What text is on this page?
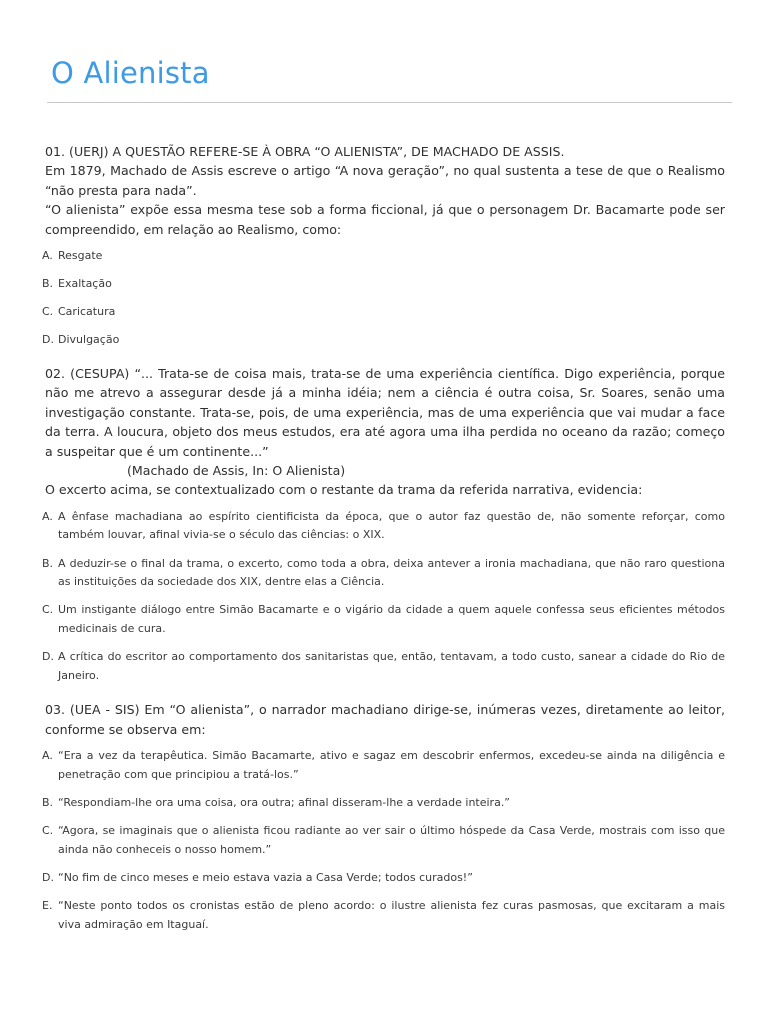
O Alienista

01. (UERJ) A QUESTÃO REFERE-SE À OBRA “O ALIENISTA”, DE MACHADO DE ASSIS.

Em 1879, Machado de Assis escreve o artigo “A nova geração”, no qual sustenta a tese de que o Realismo “não presta para nada”.

“O alienista” expõe essa mesma tese sob a forma ficcional, já que o personagem Dr. Bacamarte pode ser compreendido, em relação ao Realismo, como:

A. Resgate
B. Exaltação
C. Caricatura
D. Divulgação

02. (CESUPA) “... Trata-se de coisa mais, trata-se de uma experiência científica. Digo experiência, porque não me atrevo a assegurar desde já a minha idéia; nem a ciência é outra coisa, Sr. Soares, senão uma investigação constante. Trata-se, pois, de uma experiência, mas de uma experiência que vai mudar a face da terra. A loucura, objeto dos meus estudos, era até agora uma ilha perdida no oceano da razão; começo a suspeitar que é um continente...”

(Machado de Assis, In: O Alienista)

O excerto acima, se contextualizado com o restante da trama da referida narrativa, evidencia:

A. A ênfase machadiana ao espírito cientificista da época, que o autor faz questão de, não somente reforçar, como também louvar, afinal vivia-se o século das ciências: o XIX.
B. A deduzir-se o final da trama, o excerto, como toda a obra, deixa antever a ironia machadiana, que não raro questiona as instituições da sociedade dos XIX, dentre elas a Ciência.
C. Um instigante diálogo entre Simão Bacamarte e o vigário da cidade a quem aquele confessa seus eficientes métodos medicinais de cura.
D. A crítica do escritor ao comportamento dos sanitaristas que, então, tentavam, a todo custo, sanear a cidade do Rio de Janeiro.

03. (UEA - SIS) Em “O alienista”, o narrador machadiano dirige-se, inúmeras vezes, diretamente ao leitor, conforme se observa em:

A. “Era a vez da terapêutica. Simão Bacamarte, ativo e sagaz em descobrir enfermos, excedeu-se ainda na diligência e penetração com que principiou a tratá-los.”
B. “Respondiam-lhe ora uma coisa, ora outra; afinal disseram-lhe a verdade inteira.”
C. “Agora, se imaginais que o alienista ficou radiante ao ver sair o último hóspede da Casa Verde, mostrais com isso que ainda não conheceis o nosso homem.”
D. “No fim de cinco meses e meio estava vazia a Casa Verde; todos curados!”
E. “Neste ponto todos os cronistas estão de pleno acordo: o ilustre alienista fez curas pasmosas, que excitaram a mais viva admiração em Itaguaí.
